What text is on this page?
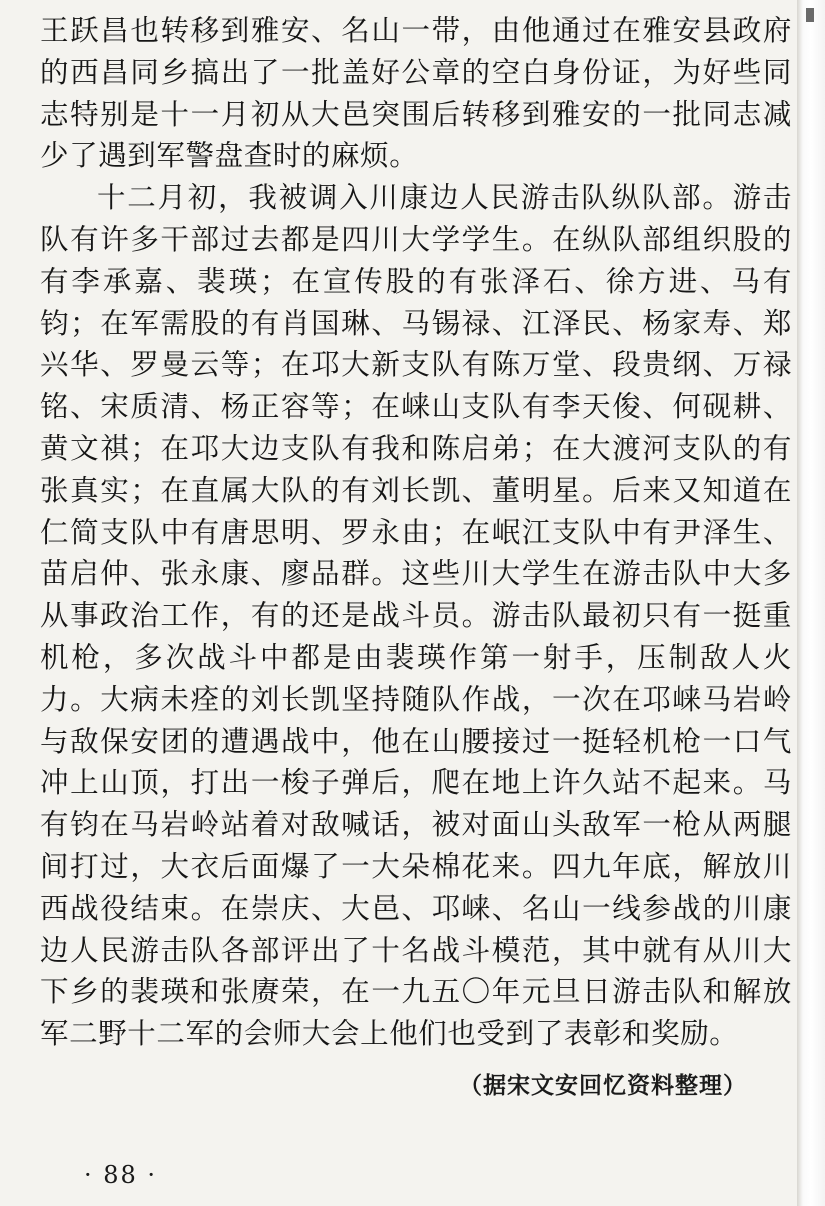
王跃昌也转移到雅安、名山一带，由他通过在雅安县政府的西昌同乡搞出了一批盖好公章的空白身份证，为好些同志特别是十一月初从大邑突围后转移到雅安的一批同志减少了遇到军警盘查时的麻烦。

十二月初，我被调入川康边人民游击队纵队部。游击队有许多干部过去都是四川大学学生。在纵队部组织股的有李承嘉、裴瑛；在宣传股的有张泽石、徐方进、马有钧；在军需股的有肖国琳、马锡禄、江泽民、杨家寿、郑兴华、罗曼云等；在邛大新支队有陈万堂、段贵纲、万禄铭、宋质清、杨正容等；在崃山支队有李天俊、何砚耕、黄文祺；在邛大边支队有我和陈启弟；在大渡河支队的有张真实；在直属大队的有刘长凯、董明星。后来又知道在仁简支队中有唐思明、罗永由；在岷江支队中有尹泽生、苗启仲、张永康、廖品群。这些川大学生在游击队中大多从事政治工作，有的还是战斗员。游击队最初只有一挺重机枪，多次战斗中都是由裴瑛作第一射手，压制敌人火力。大病未痊的刘长凯坚持随队作战，一次在邛崃马岩岭与敌保安团的遭遇战中，他在山腰接过一挺轻机枪一口气冲上山顶，打出一梭子弹后，爬在地上许久站不起来。马有钧在马岩岭站着对敌喊话，被对面山头敌军一枪从两腿间打过，大衣后面爆了一大朵棉花来。四九年底，解放川西战役结束。在崇庆、大邑、邛崃、名山一线参战的川康边人民游击队各部评出了十名战斗模范，其中就有从川大下乡的裴瑛和张赓荣，在一九五〇年元旦日游击队和解放军二野十二军的会师大会上他们也受到了表彰和奖励。

（据宋文安回忆资料整理）
· 88 ·
